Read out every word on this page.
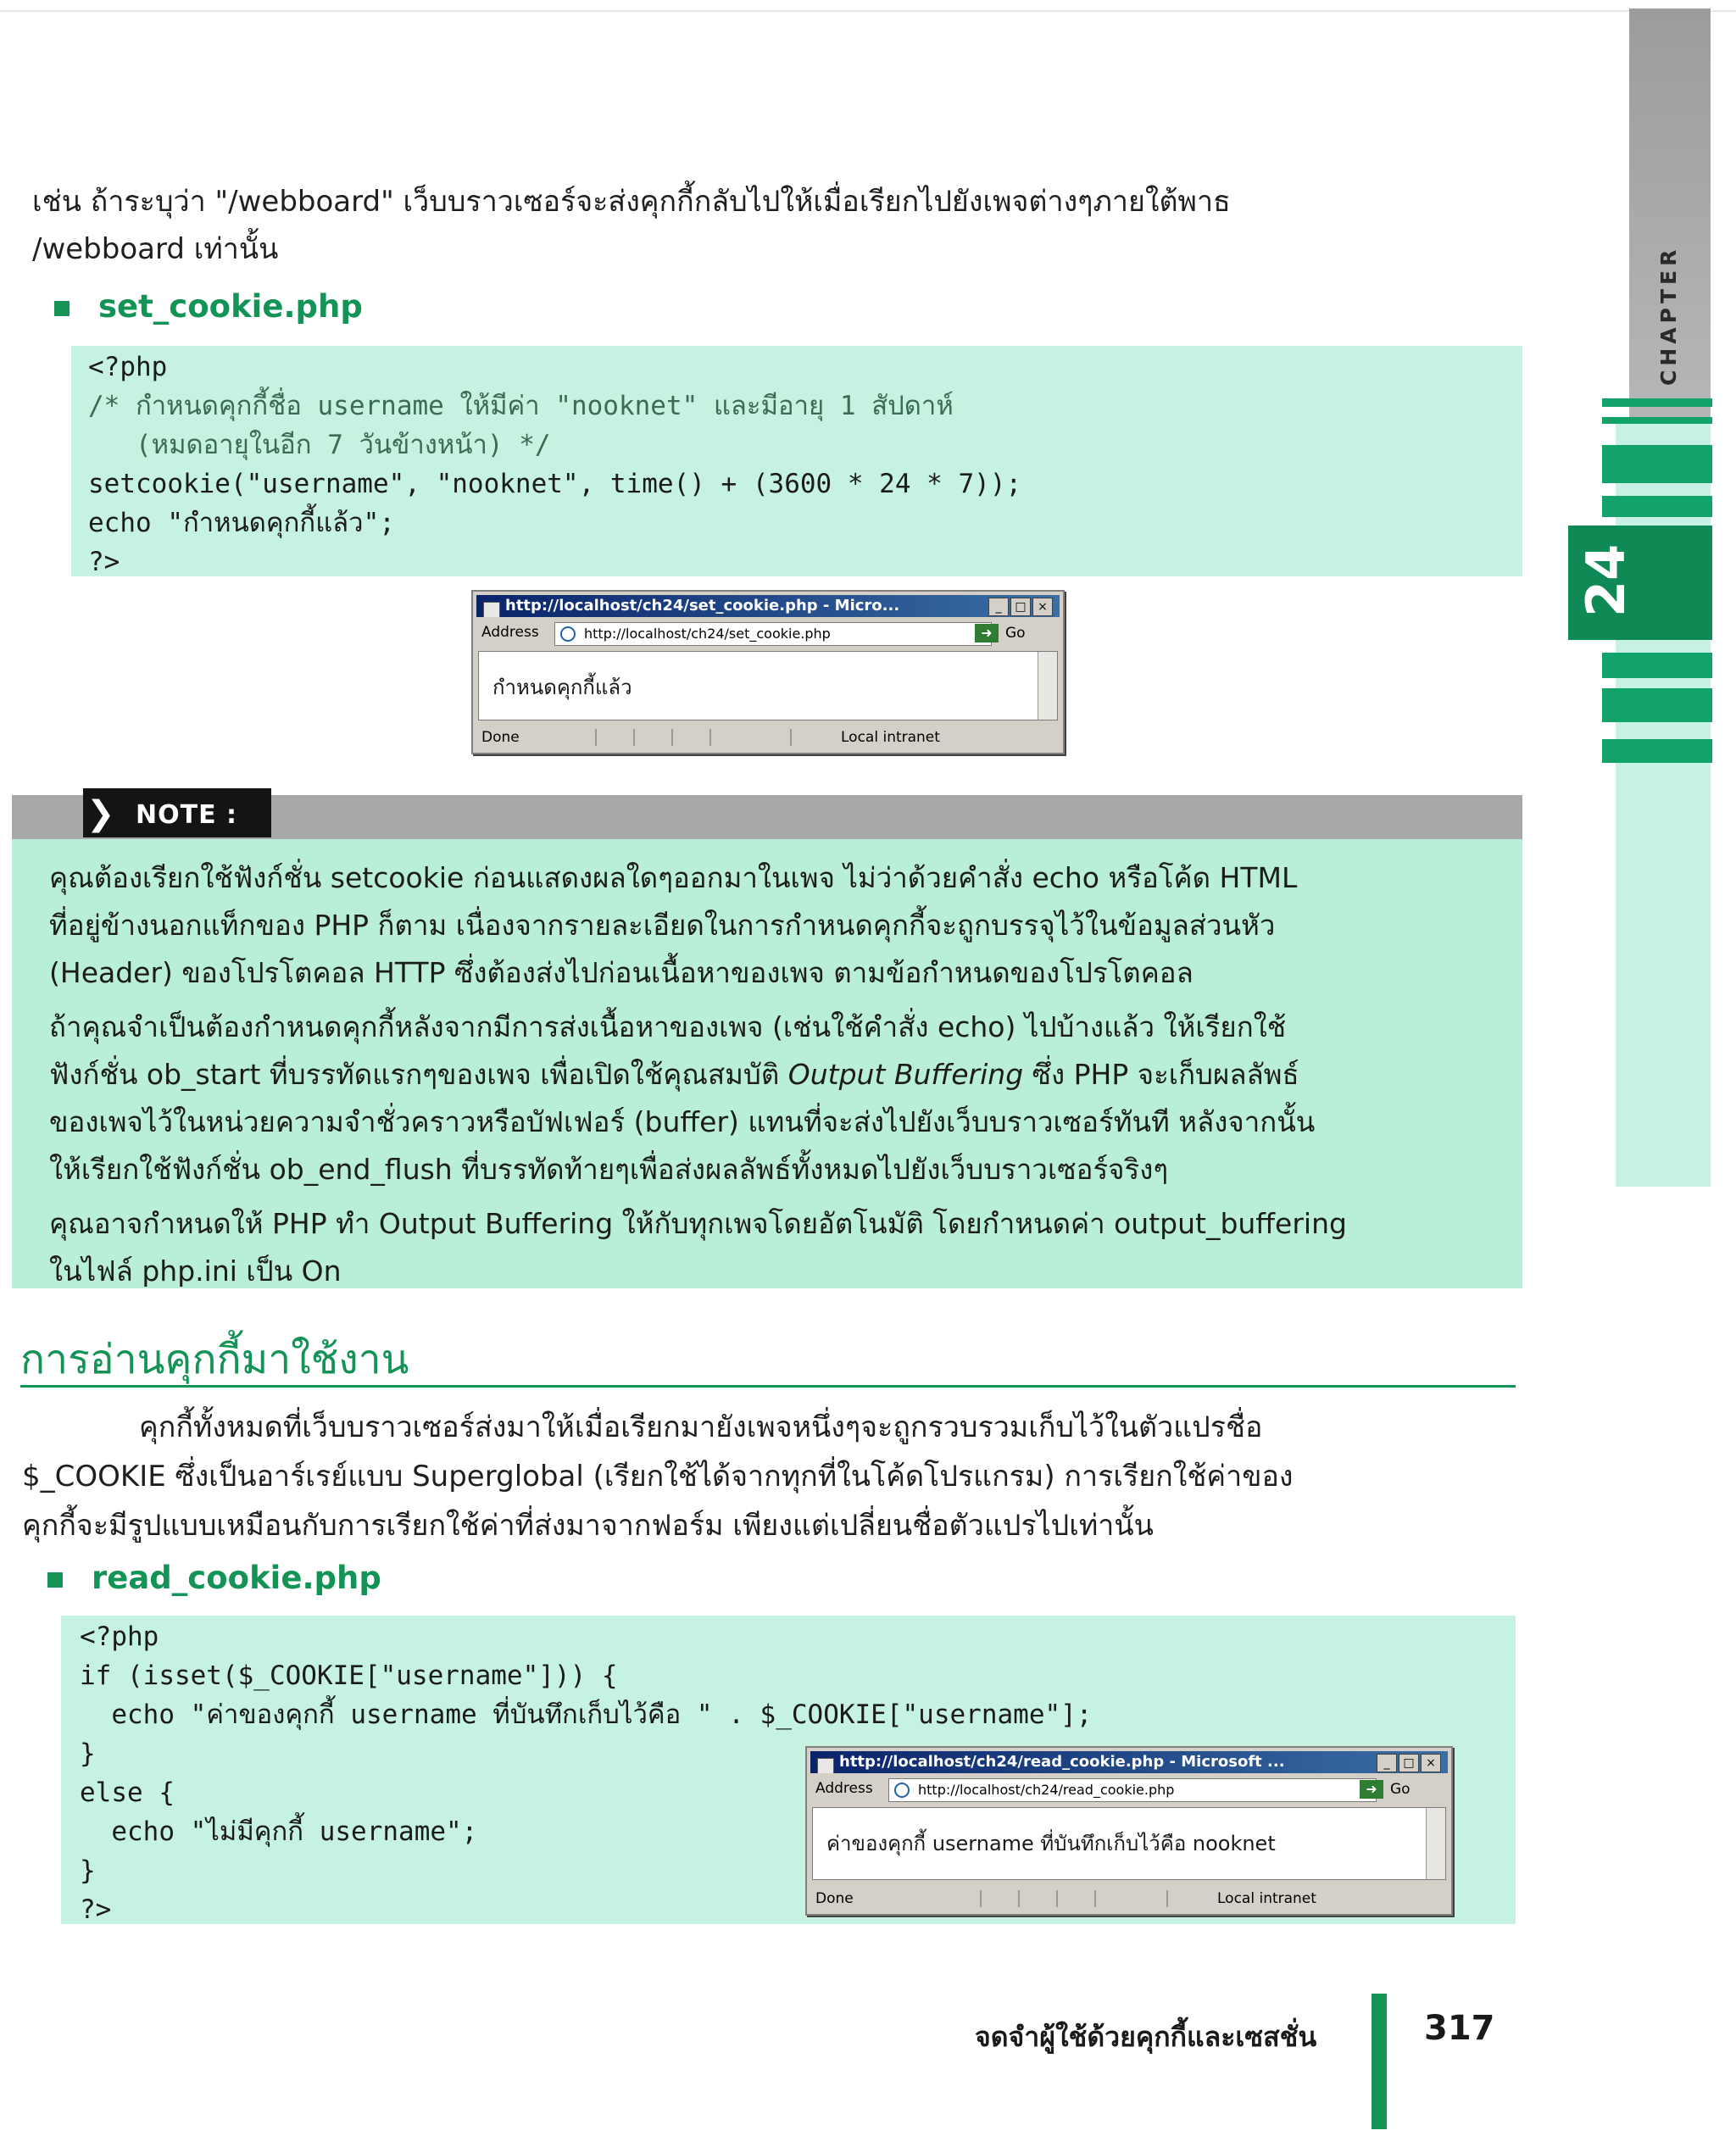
CHAPTER
24
เช่น ถ้าระบุว่า "/webboard" เว็บบราวเซอร์จะส่งคุกกี้กลับไปให้เมื่อเรียกไปยังเพจต่างๆภายใต้พาธ
/webboard เท่านั้น
set_cookie.php
<?php
/* กำหนดคุกกี้ชื่อ username ให้มีค่า "nooknet" และมีอายุ 1 สัปดาห์
(หมดอายุในอีก 7 วันข้างหน้า) */
setcookie("username", "nooknet", time() + (3600 * 24 * 7));
echo "กำหนดคุกกี้แล้ว";
?>
http://localhost/ch24/set_cookie.php - Micro...	_	□ ×
Address	http://localhost/ch24/set_cookie.php	➜ Go
กำหนดคุกกี้แล้ว
Done	Local intranet
❯ NOTE :
คุณต้องเรียกใช้ฟังก์ชั่น setcookie ก่อนแสดงผลใดๆออกมาในเพจ ไม่ว่าด้วยคำสั่ง echo หรือโค้ด HTML
ที่อยู่ข้างนอกแท็กของ PHP ก็ตาม เนื่องจากรายละเอียดในการกำหนดคุกกี้จะถูกบรรจุไว้ในข้อมูลส่วนหัว
(Header) ของโปรโตคอล HTTP ซึ่งต้องส่งไปก่อนเนื้อหาของเพจ ตามข้อกำหนดของโปรโตคอล
ถ้าคุณจำเป็นต้องกำหนดคุกกี้หลังจากมีการส่งเนื้อหาของเพจ (เช่นใช้คำสั่ง echo) ไปบ้างแล้ว ให้เรียกใช้
ฟังก์ชั่น ob_start ที่บรรทัดแรกๆของเพจ เพื่อเปิดใช้คุณสมบัติ Output Buffering ซึ่ง PHP จะเก็บผลลัพธ์
ของเพจไว้ในหน่วยความจำชั่วคราวหรือบัฟเฟอร์ (buffer) แทนที่จะส่งไปยังเว็บบราวเซอร์ทันที หลังจากนั้น
ให้เรียกใช้ฟังก์ชั่น ob_end_flush ที่บรรทัดท้ายๆเพื่อส่งผลลัพธ์ทั้งหมดไปยังเว็บบราวเซอร์จริงๆ
คุณอาจกำหนดให้ PHP ทำ Output Buffering ให้กับทุกเพจโดยอัตโนมัติ โดยกำหนดค่า output_buffering
ในไฟล์ php.ini เป็น On
การอ่านคุกกี้มาใช้งาน
คุกกี้ทั้งหมดที่เว็บบราวเซอร์ส่งมาให้เมื่อเรียกมายังเพจหนึ่งๆจะถูกรวบรวมเก็บไว้ในตัวแปรชื่อ
$_COOKIE ซึ่งเป็นอาร์เรย์แบบ Superglobal (เรียกใช้ได้จากทุกที่ในโค้ดโปรแกรม) การเรียกใช้ค่าของ
คุกกี้จะมีรูปแบบเหมือนกับการเรียกใช้ค่าที่ส่งมาจากฟอร์ม เพียงแต่เปลี่ยนชื่อตัวแปรไปเท่านั้น
read_cookie.php
<?php
if (isset($_COOKIE["username"])) {
echo "ค่าของคุกกี้ username ที่บันทึกเก็บไว้คือ " . $_COOKIE["username"];
}
else {
echo "ไม่มีคุกกี้ username";
}
?>
http://localhost/ch24/read_cookie.php - Microsoft ...	_	□ ×
Address	http://localhost/ch24/read_cookie.php	➜ Go
ค่าของคุกกี้ username ที่บันทึกเก็บไว้คือ nooknet
Done	Local intranet
จดจำผู้ใช้ด้วยคุกกี้และเซสชั่น	317
